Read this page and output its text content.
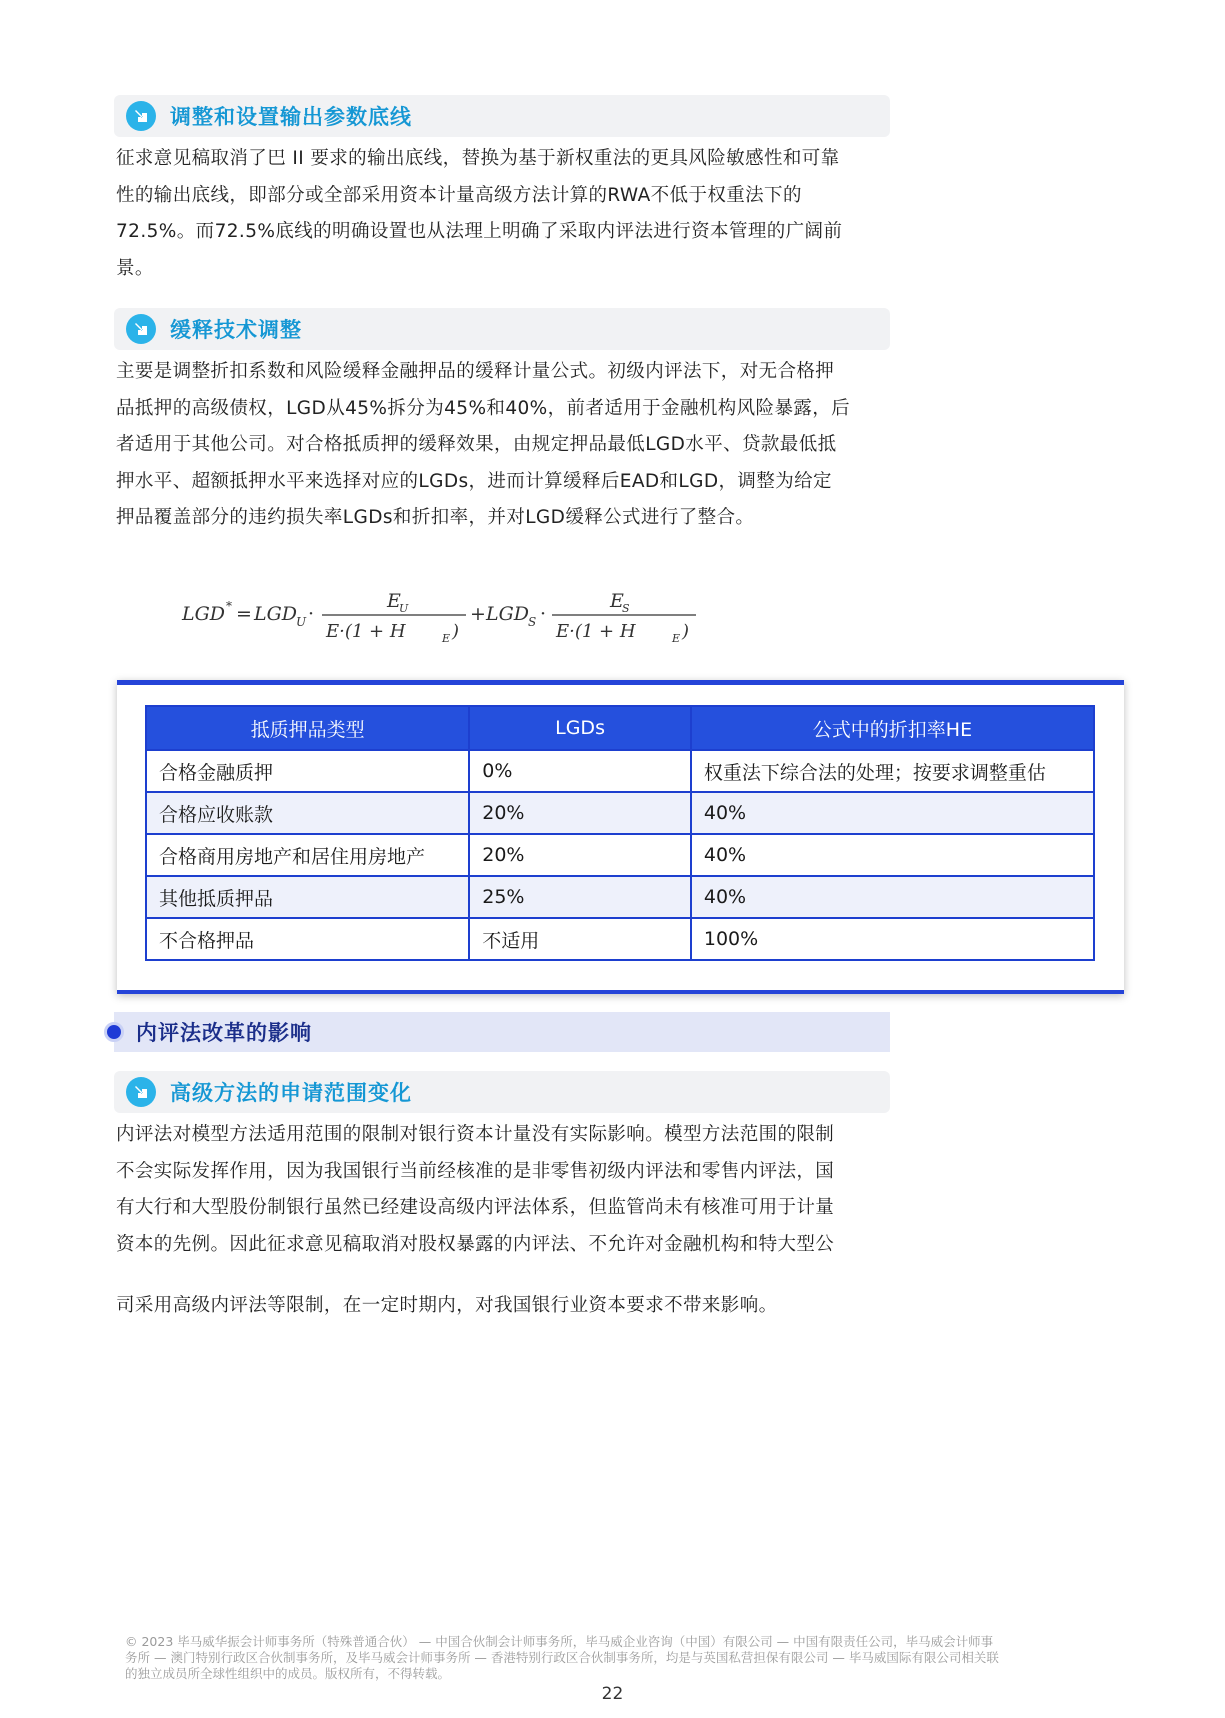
调整和设置输出参数底线
征求意见稿取消了巴 II 要求的输出底线，替换为基于新权重法的更具风险敏感性和可靠
性的输出底线，即部分或全部采用资本计量高级方法计算的RWA不低于权重法下的
72.5%。而72.5%底线的明确设置也从法理上明确了采取内评法进行资本管理的广阔前
景。
缓释技术调整
主要是调整折扣系数和风险缓释金融押品的缓释计量公式。初级内评法下，对无合格押
品抵押的高级债权，LGD从45%拆分为45%和40%，前者适用于金融机构风险暴露，后
者适用于其他公司。对合格抵质押的缓释效果，由规定押品最低LGD水平、贷款最低抵
押水平、超额抵押水平来选择对应的LGDs，进而计算缓释后EAD和LGD，调整为给定
押品覆盖部分的违约损失率LGDs和折扣率，并对LGD缓释公式进行了整合。
LGD * = LGD
U ·
E
U
E·(1 + H	E )
+ LGD
S ·
E
S
E·(1 + H	E )
抵质押品类型	LGDs	公式中的折扣率HE
合格金融质押	0%	权重法下综合法的处理；按要求调整重估
合格应收账款	20%	40%
合格商用房地产和居住用房地产	20%	40%
其他抵质押品	25%	40%
不合格押品	不适用	100%
内评法改革的影响
高级方法的申请范围变化
内评法对模型方法适用范围的限制对银行资本计量没有实际影响。模型方法范围的限制
不会实际发挥作用，因为我国银行当前经核准的是非零售初级内评法和零售内评法，国
有大行和大型股份制银行虽然已经建设高级内评法体系，但监管尚未有核准可用于计量
资本的先例。因此征求意见稿取消对股权暴露的内评法、不允许对金融机构和特大型公
司采用高级内评法等限制，在一定时期内，对我国银行业资本要求不带来影响。
© 2023 毕马威华振会计师事务所（特殊普通合伙） — 中国合伙制会计师事务所，毕马威企业咨询（中国）有限公司 — 中国有限责任公司，毕马威会计师事
务所 — 澳门特别行政区合伙制事务所，及毕马威会计师事务所 — 香港特别行政区合伙制事务所，均是与英国私营担保有限公司 — 毕马威国际有限公司相关联
的独立成员所全球性组织中的成员。版权所有，不得转载。
22
